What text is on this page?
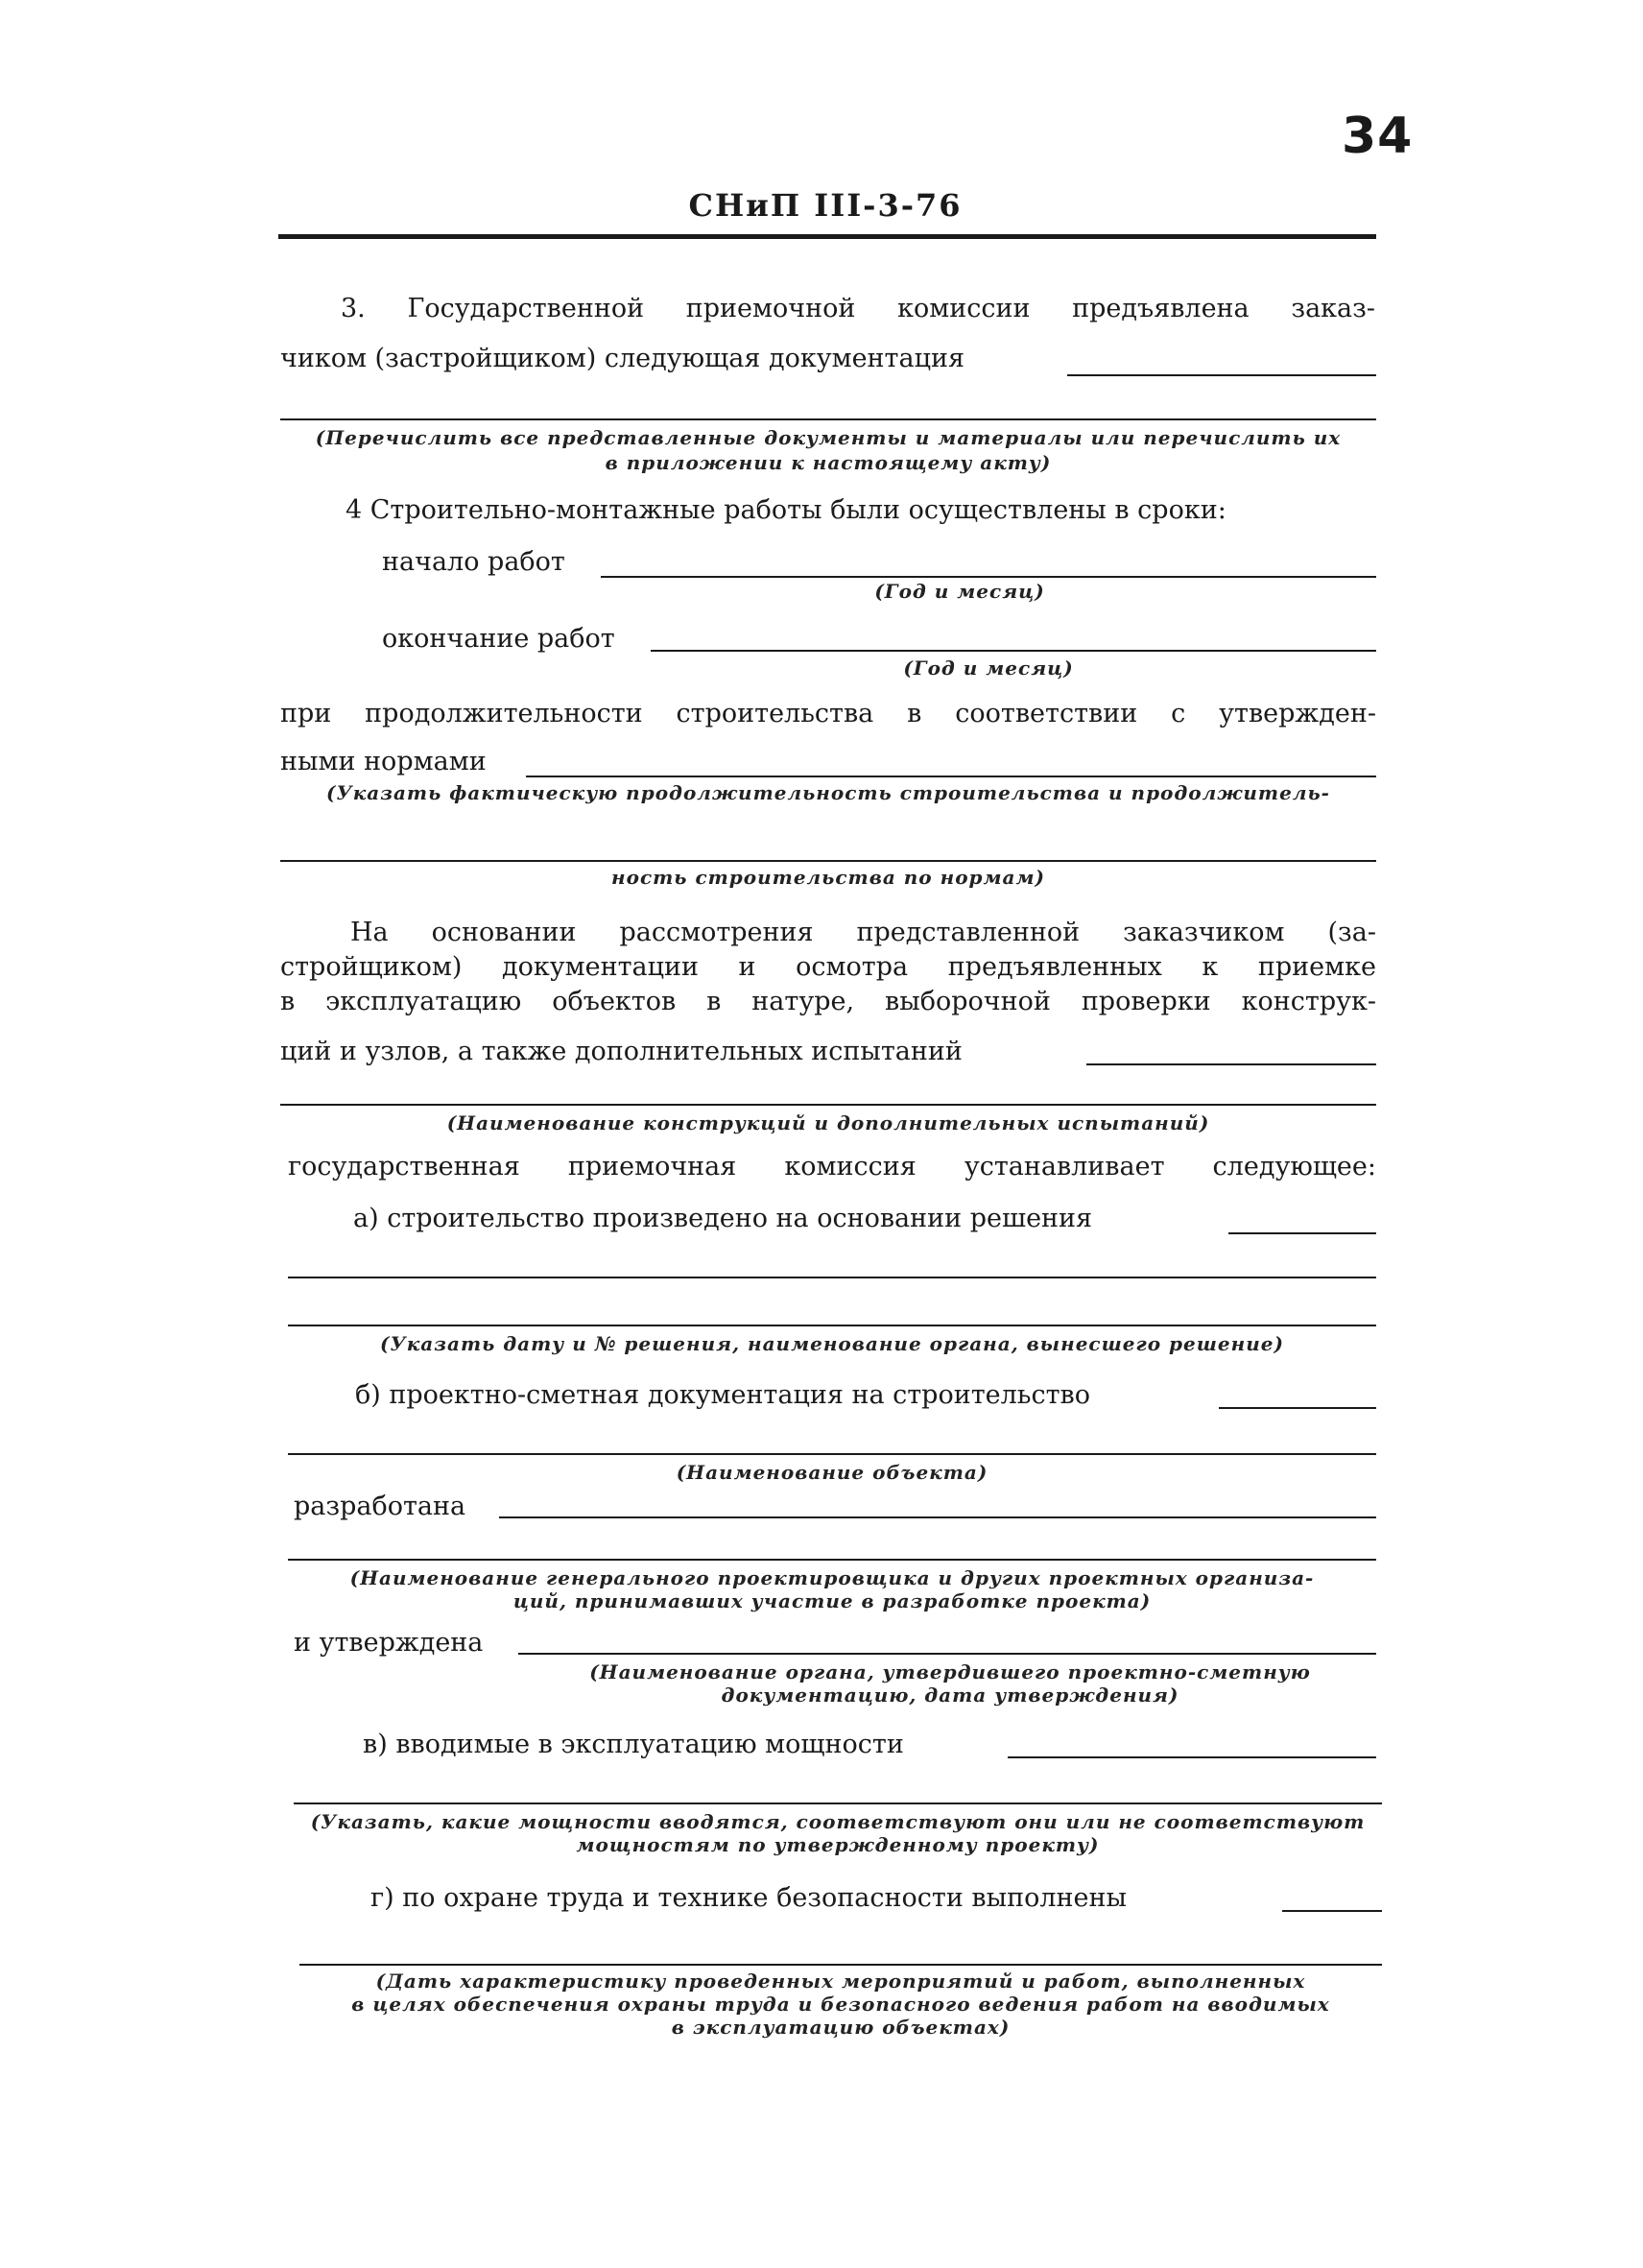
34
СНиП III-3-76
3. Государственной приемочной комиссии предъявлена заказ-
чиком (застройщиком) следующая документация
(Перечислить все представленные документы и материалы или перечислить их
в приложении к настоящему акту)
4 Строительно-монтажные работы были осуществлены в сроки:
начало работ
(Год и месяц)
окончание работ
(Год и месяц)
при продолжительности строительства в соответствии с утвержден-
ными нормами
(Указать фактическую продолжительность строительства и продолжитель-
ность строительства по нормам)
На основании рассмотрения представленной заказчиком (за-
стройщиком) документации и осмотра предъявленных к приемке
в эксплуатацию объектов в натуре, выборочной проверки конструк-
ций и узлов, а также дополнительных испытаний
(Наименование конструкций и дополнительных испытаний)
государственная приемочная комиссия устанавливает следующее:
а) строительство произведено на основании решения
(Указать дату и № решения, наименование органа, вынесшего решение)
б) проектно-сметная документация на строительство
(Наименование объекта)
разработана
(Наименование генерального проектировщика и других проектных организа-
ций, принимавших участие в разработке проекта)
и утверждена
(Наименование органа, утвердившего проектно-сметную
документацию, дата утверждения)
в) вводимые в эксплуатацию мощности
(Указать, какие мощности вводятся, соответствуют они или не соответствуют
мощностям по утвержденному проекту)
г) по охране труда и технике безопасности выполнены
(Дать характеристику проведенных мероприятий и работ, выполненных
в целях обеспечения охраны труда и безопасного ведения работ на вводимых
в эксплуатацию объектах)
